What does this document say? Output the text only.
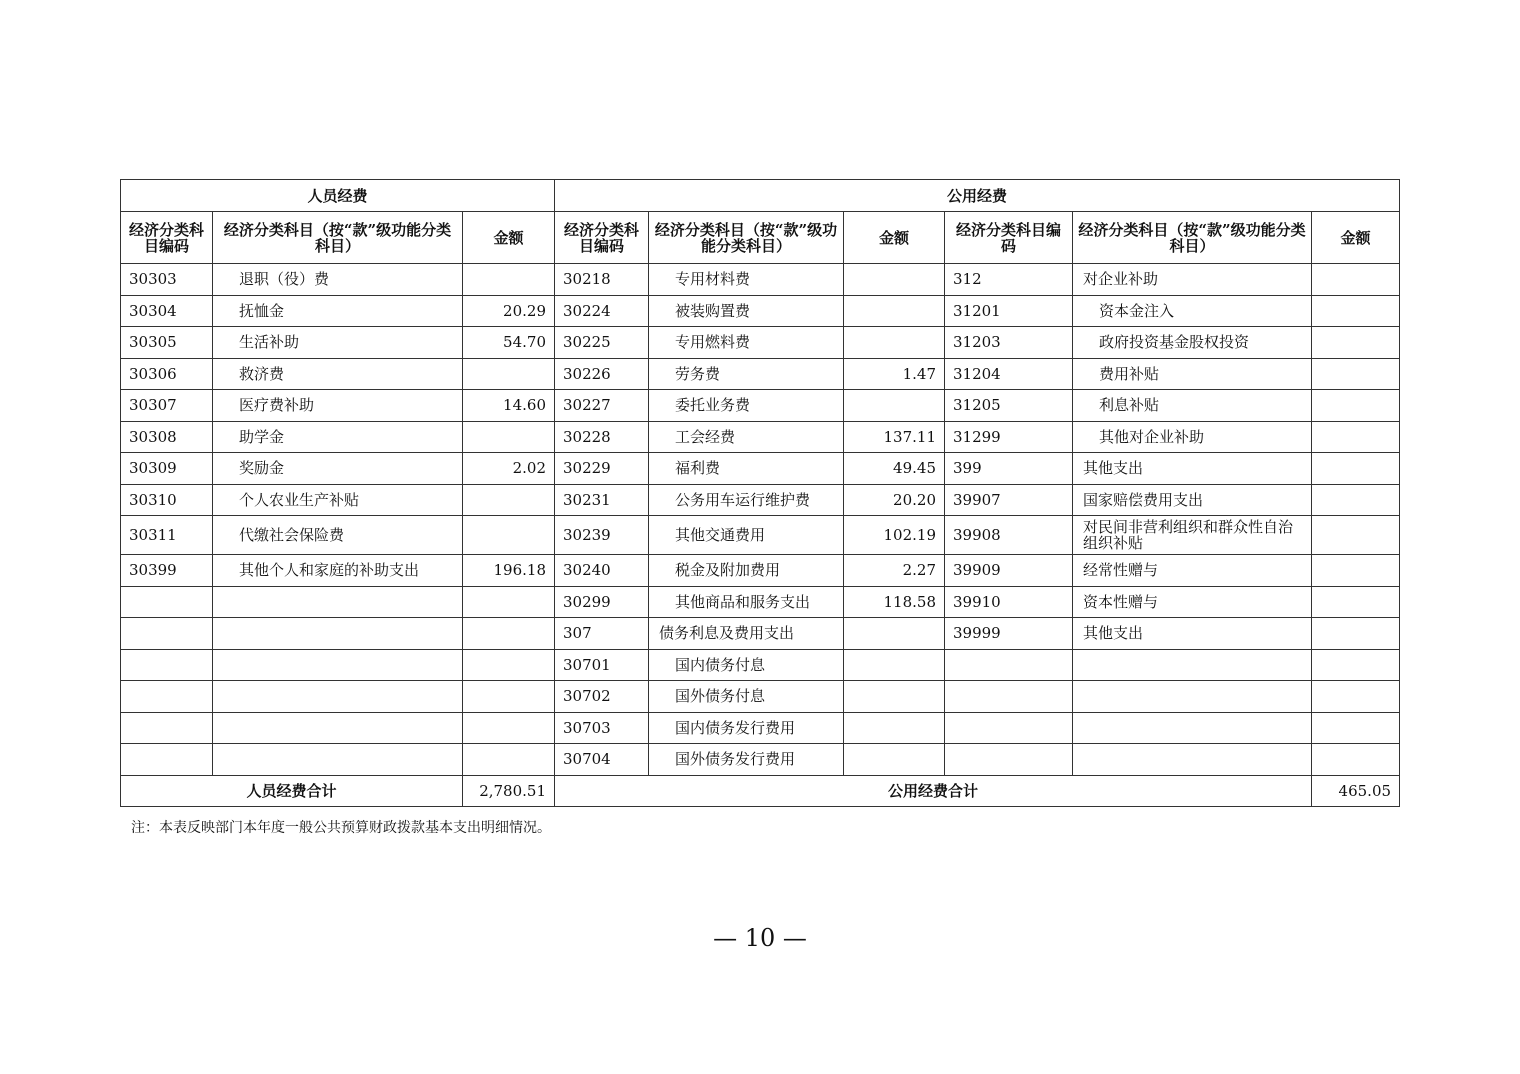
人员经费			公用经费					
经济分类科目编码	经济分类科目（按“款”级功能分类科目）	金额	经济分类科目编码	经济分类科目（按“款”级功能分类科目）	金额	经济分类科目编码	经济分类科目（按“款”级功能分类科目）	金额
30303	退职（役）费		30218	专用材料费		312	对企业补助	
30304	抚恤金	20.29	30224	被装购置费		31201	资本金注入	
30305	生活补助	54.70	30225	专用燃料费		31203	政府投资基金股权投资	
30306	救济费		30226	劳务费	1.47	31204	费用补贴	
30307	医疗费补助	14.60	30227	委托业务费		31205	利息补贴	
30308	助学金		30228	工会经费	137.11	31299	其他对企业补助	
30309	奖励金	2.02	30229	福利费	49.45	399	其他支出	
30310	个人农业生产补贴		30231	公务用车运行维护费	20.20	39907	国家赔偿费用支出	
30311	代缴社会保险费		30239	其他交通费用	102.19	39908	对民间非营利组织和群众性自治组织补贴	
30399	其他个人和家庭的补助支出	196.18	30240	税金及附加费用	2.27	39909	经常性赠与	
			30299	其他商品和服务支出	118.58	39910	资本性赠与	
			307	债务利息及费用支出		39999	其他支出	
			30701	国内债务付息				
			30702	国外债务付息				
			30703	国内债务发行费用				
			30704	国外债务发行费用				
人员经费合计		2,780.51	公用经费合计					465.05
注：本表反映部门本年度一般公共预算财政拨款基本支出明细情况。
— 10 —
